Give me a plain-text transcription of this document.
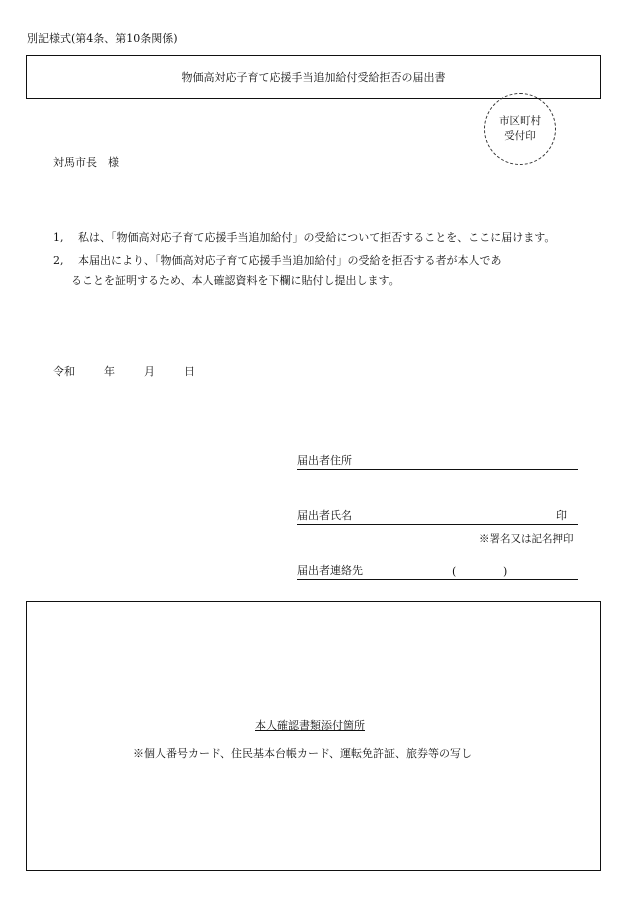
別記様式(第4条、第10条関係)
物価高対応子育て応援手当追加給付受給拒否の届出書
市区町村
受付印
対馬市長　様
1,　 私は、「物価高対応子育て応援手当追加給付」の受給について拒否することを、ここに届けます。
2,　 本届出により、「物価高対応子育て応援手当追加給付」の受給を拒否する者が本人であ
ることを証明するため、本人確認資料を下欄に貼付し提出します。
令和	年	月	日
届出者住所
届出者氏名	印
※署名又は記名押印
届出者連絡先	(	)
本人確認書類添付箇所
※個人番号カード、住民基本台帳カード、運転免許証、旅券等の写し
